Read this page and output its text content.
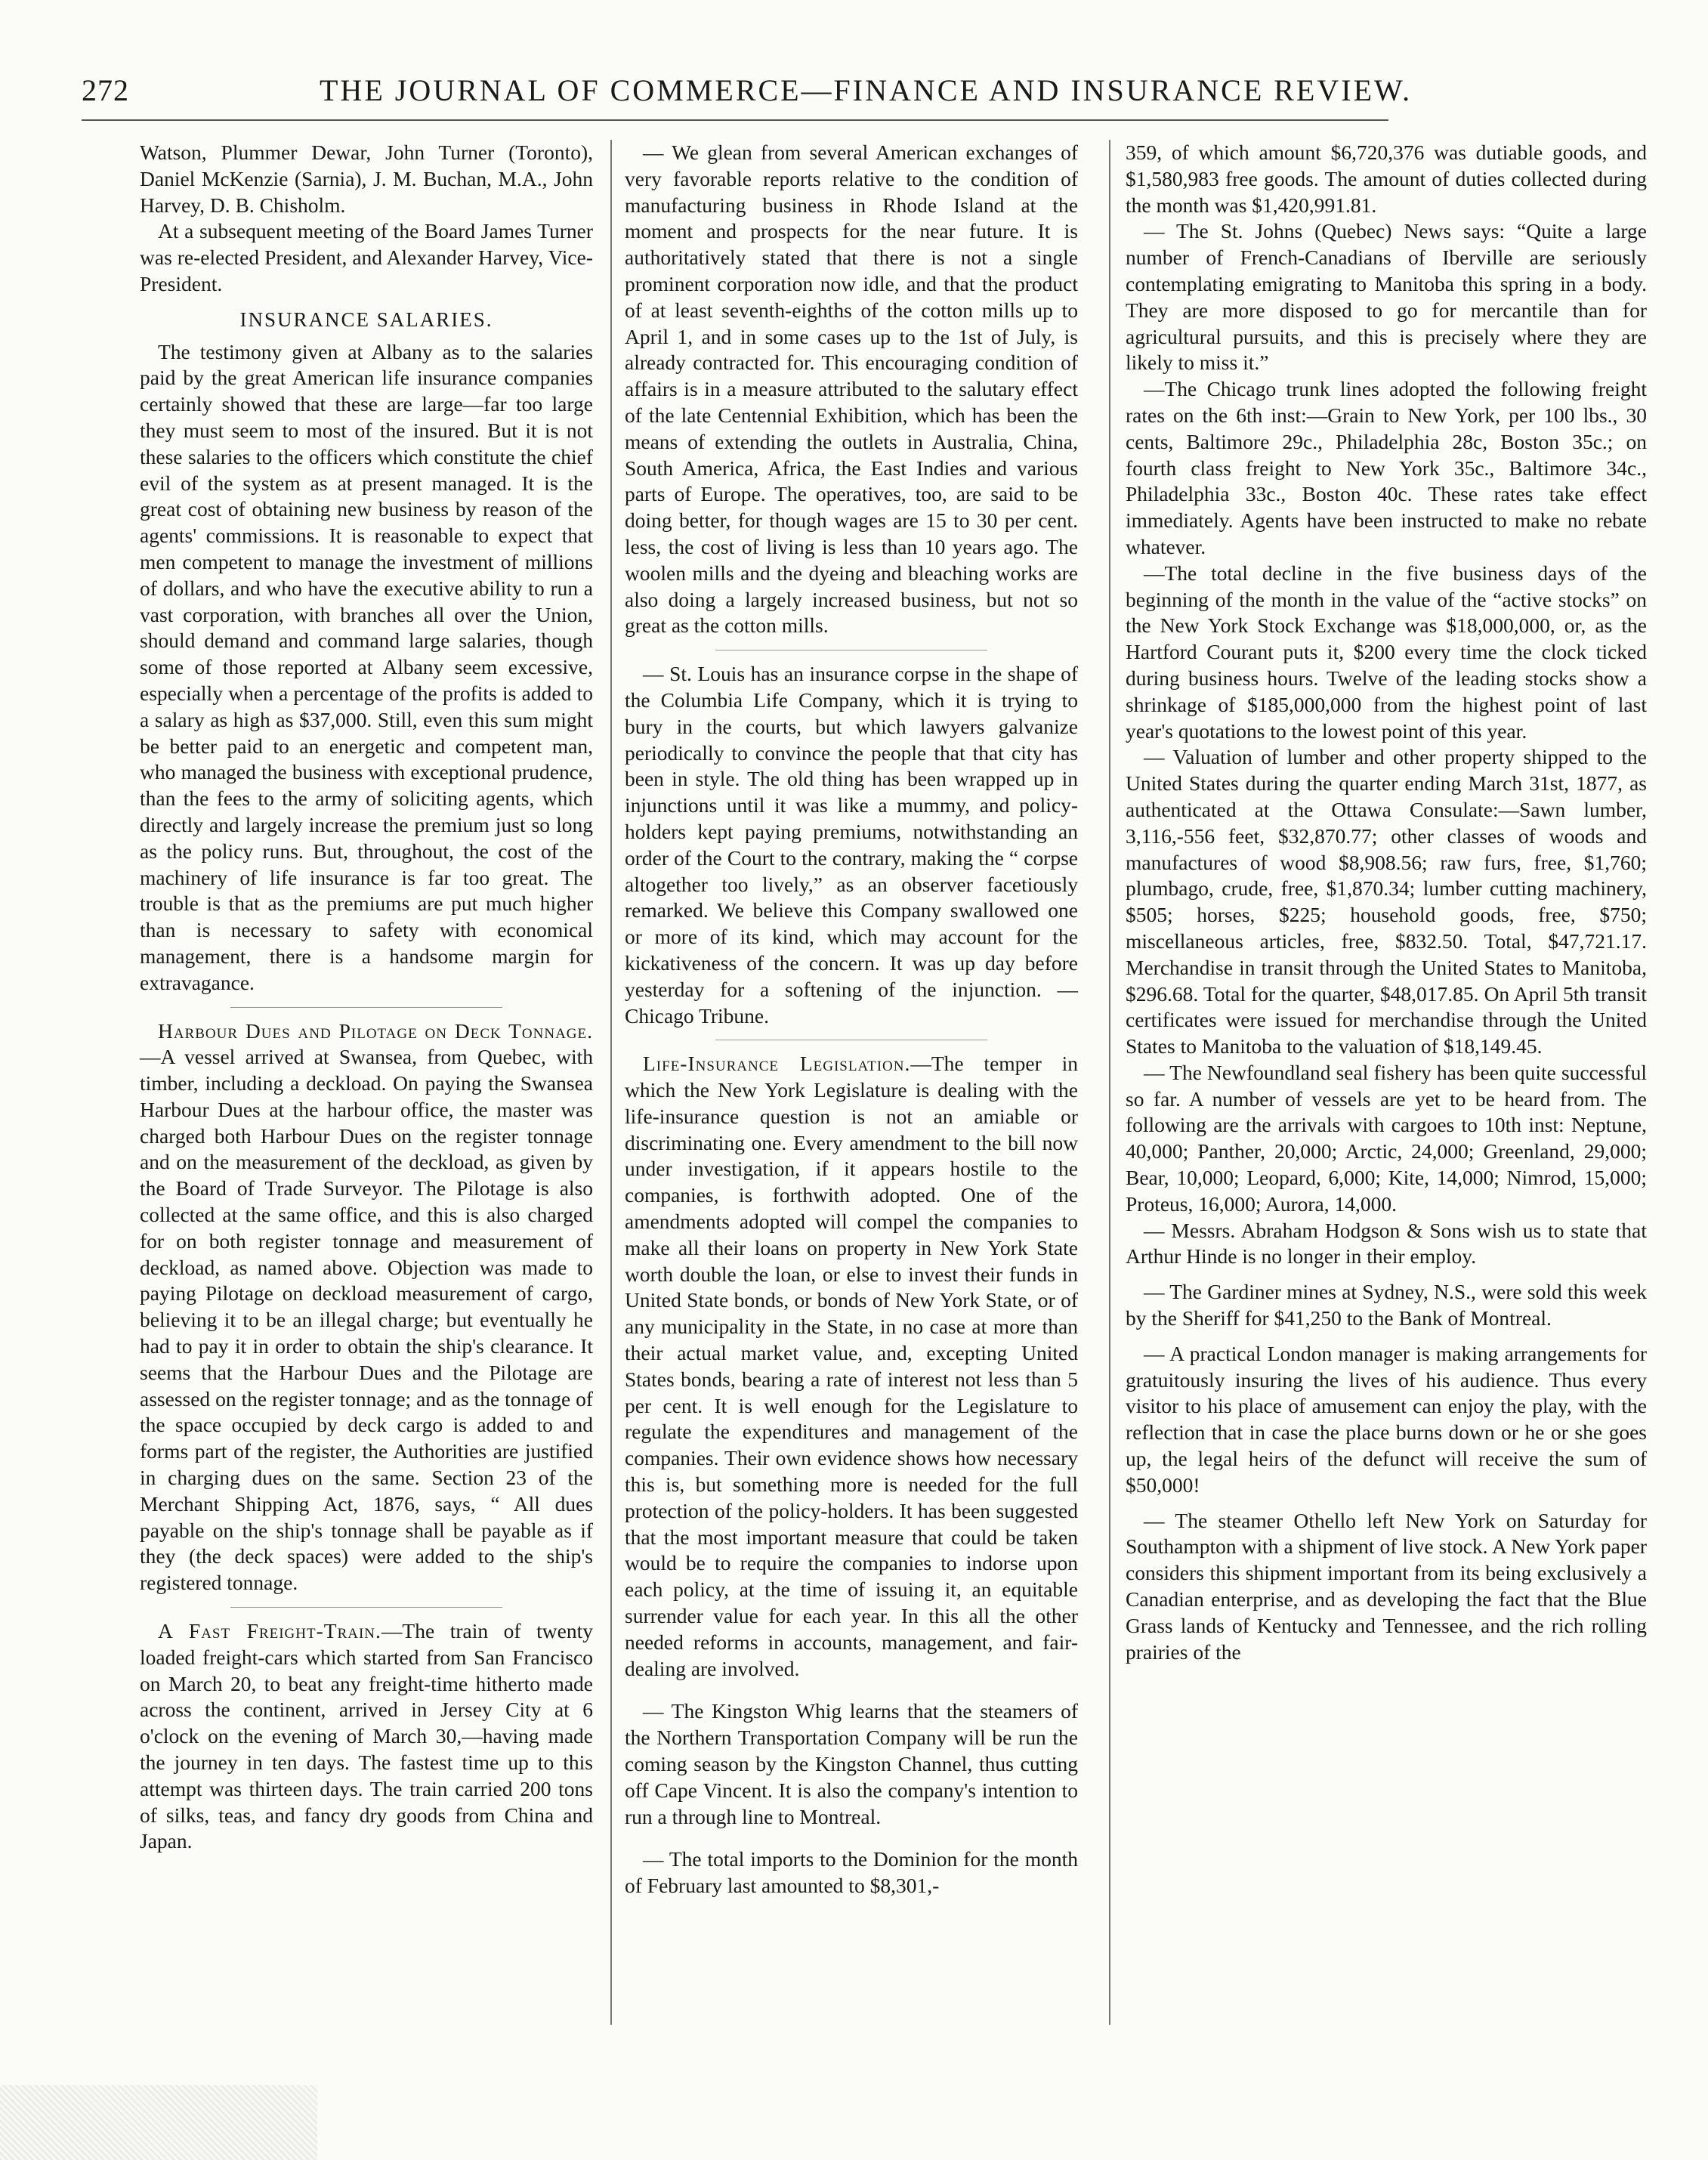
272	THE JOURNAL OF COMMERCE—FINANCE AND INSURANCE REVIEW.

Watson, Plummer Dewar, John Turner (Toronto), Daniel McKenzie (Sarnia), J. M. Buchan, M.A., John Harvey, D. B. Chisholm.

At a subsequent meeting of the Board James Turner was re-elected President, and Alexander Harvey, Vice-President.

INSURANCE SALARIES.

The testimony given at Albany as to the salaries paid by the great American life insurance companies certainly showed that these are large—far too large they must seem to most of the insured. But it is not these salaries to the officers which constitute the chief evil of the system as at present managed. It is the great cost of obtaining new business by reason of the agents' commissions. It is reasonable to expect that men competent to manage the investment of millions of dollars, and who have the executive ability to run a vast corporation, with branches all over the Union, should demand and command large salaries, though some of those reported at Albany seem excessive, especially when a percentage of the profits is added to a salary as high as $37,000. Still, even this sum might be better paid to an energetic and competent man, who managed the business with exceptional prudence, than the fees to the army of soliciting agents, which directly and largely increase the premium just so long as the policy runs. But, throughout, the cost of the machinery of life insurance is far too great. The trouble is that as the premiums are put much higher than is necessary to safety with economical management, there is a handsome margin for extravagance.

Harbour Dues and Pilotage on Deck Tonnage.—A vessel arrived at Swansea, from Quebec, with timber, including a deckload. On paying the Swansea Harbour Dues at the harbour office, the master was charged both Harbour Dues on the register tonnage and on the measurement of the deckload, as given by the Board of Trade Surveyor. The Pilotage is also collected at the same office, and this is also charged for on both register tonnage and measurement of deckload, as named above. Objection was made to paying Pilotage on deckload measurement of cargo, believing it to be an illegal charge; but eventually he had to pay it in order to obtain the ship's clearance. It seems that the Harbour Dues and the Pilotage are assessed on the register tonnage; and as the tonnage of the space occupied by deck cargo is added to and forms part of the register, the Authorities are justified in charging dues on the same. Section 23 of the Merchant Shipping Act, 1876, says, “ All dues payable on the ship's tonnage shall be payable as if they (the deck spaces) were added to the ship's registered tonnage.

A Fast Freight-Train.—The train of twenty loaded freight-cars which started from San Francisco on March 20, to beat any freight-time hitherto made across the continent, arrived in Jersey City at 6 o'clock on the evening of March 30,—having made the journey in ten days. The fastest time up to this attempt was thirteen days. The train carried 200 tons of silks, teas, and fancy dry goods from China and Japan.

— We glean from several American exchanges of very favorable reports relative to the condition of manufacturing business in Rhode Island at the moment and prospects for the near future. It is authoritatively stated that there is not a single prominent corporation now idle, and that the product of at least seventh-eighths of the cotton mills up to April 1, and in some cases up to the 1st of July, is already contracted for. This encouraging condition of affairs is in a measure attributed to the salutary effect of the late Centennial Exhibition, which has been the means of extending the outlets in Australia, China, South America, Africa, the East Indies and various parts of Europe. The operatives, too, are said to be doing better, for though wages are 15 to 30 per cent. less, the cost of living is less than 10 years ago. The woolen mills and the dyeing and bleaching works are also doing a largely increased business, but not so great as the cotton mills.

— St. Louis has an insurance corpse in the shape of the Columbia Life Company, which it is trying to bury in the courts, but which lawyers galvanize periodically to convince the people that that city has been in style. The old thing has been wrapped up in injunctions until it was like a mummy, and policy-holders kept paying premiums, notwithstanding an order of the Court to the contrary, making the “ corpse altogether too lively,” as an observer facetiously remarked. We believe this Company swallowed one or more of its kind, which may account for the kickativeness of the concern. It was up day before yesterday for a softening of the injunction. — Chicago Tribune.

Life-Insurance Legislation.—The temper in which the New York Legislature is dealing with the life-insurance question is not an amiable or discriminating one. Every amendment to the bill now under investigation, if it appears hostile to the companies, is forthwith adopted. One of the amendments adopted will compel the companies to make all their loans on property in New York State worth double the loan, or else to invest their funds in United State bonds, or bonds of New York State, or of any municipality in the State, in no case at more than their actual market value, and, excepting United States bonds, bearing a rate of interest not less than 5 per cent. It is well enough for the Legislature to regulate the expenditures and management of the companies. Their own evidence shows how necessary this is, but something more is needed for the full protection of the policy-holders. It has been suggested that the most important measure that could be taken would be to require the companies to indorse upon each policy, at the time of issuing it, an equitable surrender value for each year. In this all the other needed reforms in accounts, management, and fair-dealing are involved.

— The Kingston Whig learns that the steamers of the Northern Transportation Company will be run the coming season by the Kingston Channel, thus cutting off Cape Vincent. It is also the company's intention to run a through line to Montreal.

— The total imports to the Dominion for the month of February last amounted to $8,301,-

359, of which amount $6,720,376 was dutiable goods, and $1,580,983 free goods. The amount of duties collected during the month was $1,420,991.81.

— The St. Johns (Quebec) News says: “Quite a large number of French-Canadians of Iberville are seriously contemplating emigrating to Manitoba this spring in a body. They are more disposed to go for mercantile than for agricultural pursuits, and this is precisely where they are likely to miss it.”

—The Chicago trunk lines adopted the following freight rates on the 6th inst:—Grain to New York, per 100 lbs., 30 cents, Baltimore 29c., Philadelphia 28c, Boston 35c.; on fourth class freight to New York 35c., Baltimore 34c., Philadelphia 33c., Boston 40c. These rates take effect immediately. Agents have been instructed to make no rebate whatever.

—The total decline in the five business days of the beginning of the month in the value of the “active stocks” on the New York Stock Exchange was $18,000,000, or, as the Hartford Courant puts it, $200 every time the clock ticked during business hours. Twelve of the leading stocks show a shrinkage of $185,000,000 from the highest point of last year's quotations to the lowest point of this year.

— Valuation of lumber and other property shipped to the United States during the quarter ending March 31st, 1877, as authenticated at the Ottawa Consulate:—Sawn lumber, 3,116,-556 feet, $32,870.77; other classes of woods and manufactures of wood $8,908.56; raw furs, free, $1,760; plumbago, crude, free, $1,870.34; lumber cutting machinery, $505; horses, $225; household goods, free, $750; miscellaneous articles, free, $832.50. Total, $47,721.17. Merchandise in transit through the United States to Manitoba, $296.68. Total for the quarter, $48,017.85. On April 5th transit certificates were issued for merchandise through the United States to Manitoba to the valuation of $18,149.45.

— The Newfoundland seal fishery has been quite successful so far. A number of vessels are yet to be heard from. The following are the arrivals with cargoes to 10th inst: Neptune, 40,000; Panther, 20,000; Arctic, 24,000; Greenland, 29,000; Bear, 10,000; Leopard, 6,000; Kite, 14,000; Nimrod, 15,000; Proteus, 16,000; Aurora, 14,000.

— Messrs. Abraham Hodgson & Sons wish us to state that Arthur Hinde is no longer in their employ.

— The Gardiner mines at Sydney, N.S., were sold this week by the Sheriff for $41,250 to the Bank of Montreal.

— A practical London manager is making arrangements for gratuitously insuring the lives of his audience. Thus every visitor to his place of amusement can enjoy the play, with the reflection that in case the place burns down or he or she goes up, the legal heirs of the defunct will receive the sum of $50,000!

— The steamer Othello left New York on Saturday for Southampton with a shipment of live stock. A New York paper considers this shipment important from its being exclusively a Canadian enterprise, and as developing the fact that the Blue Grass lands of Kentucky and Tennessee, and the rich rolling prairies of the
